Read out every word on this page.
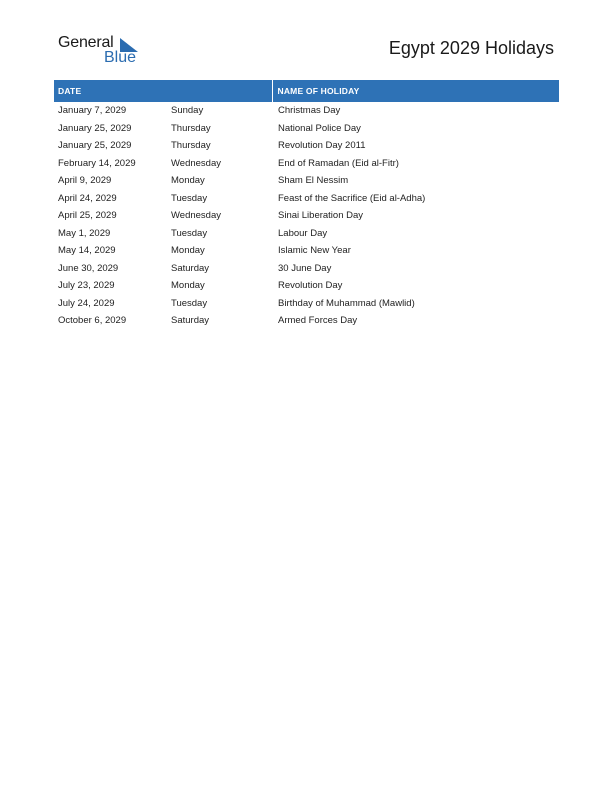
General
Blue	Egypt 2029 Holidays
DATE		NAME OF HOLIDAY
January 7, 2029	Sunday	Christmas Day
January 25, 2029	Thursday	National Police Day
January 25, 2029	Thursday	Revolution Day 2011
February 14, 2029	Wednesday	End of Ramadan (Eid al-Fitr)
April 9, 2029	Monday	Sham El Nessim
April 24, 2029	Tuesday	Feast of the Sacrifice (Eid al-Adha)
April 25, 2029	Wednesday	Sinai Liberation Day
May 1, 2029	Tuesday	Labour Day
May 14, 2029	Monday	Islamic New Year
June 30, 2029	Saturday	30 June Day
July 23, 2029	Monday	Revolution Day
July 24, 2029	Tuesday	Birthday of Muhammad (Mawlid)
October 6, 2029	Saturday	Armed Forces Day
